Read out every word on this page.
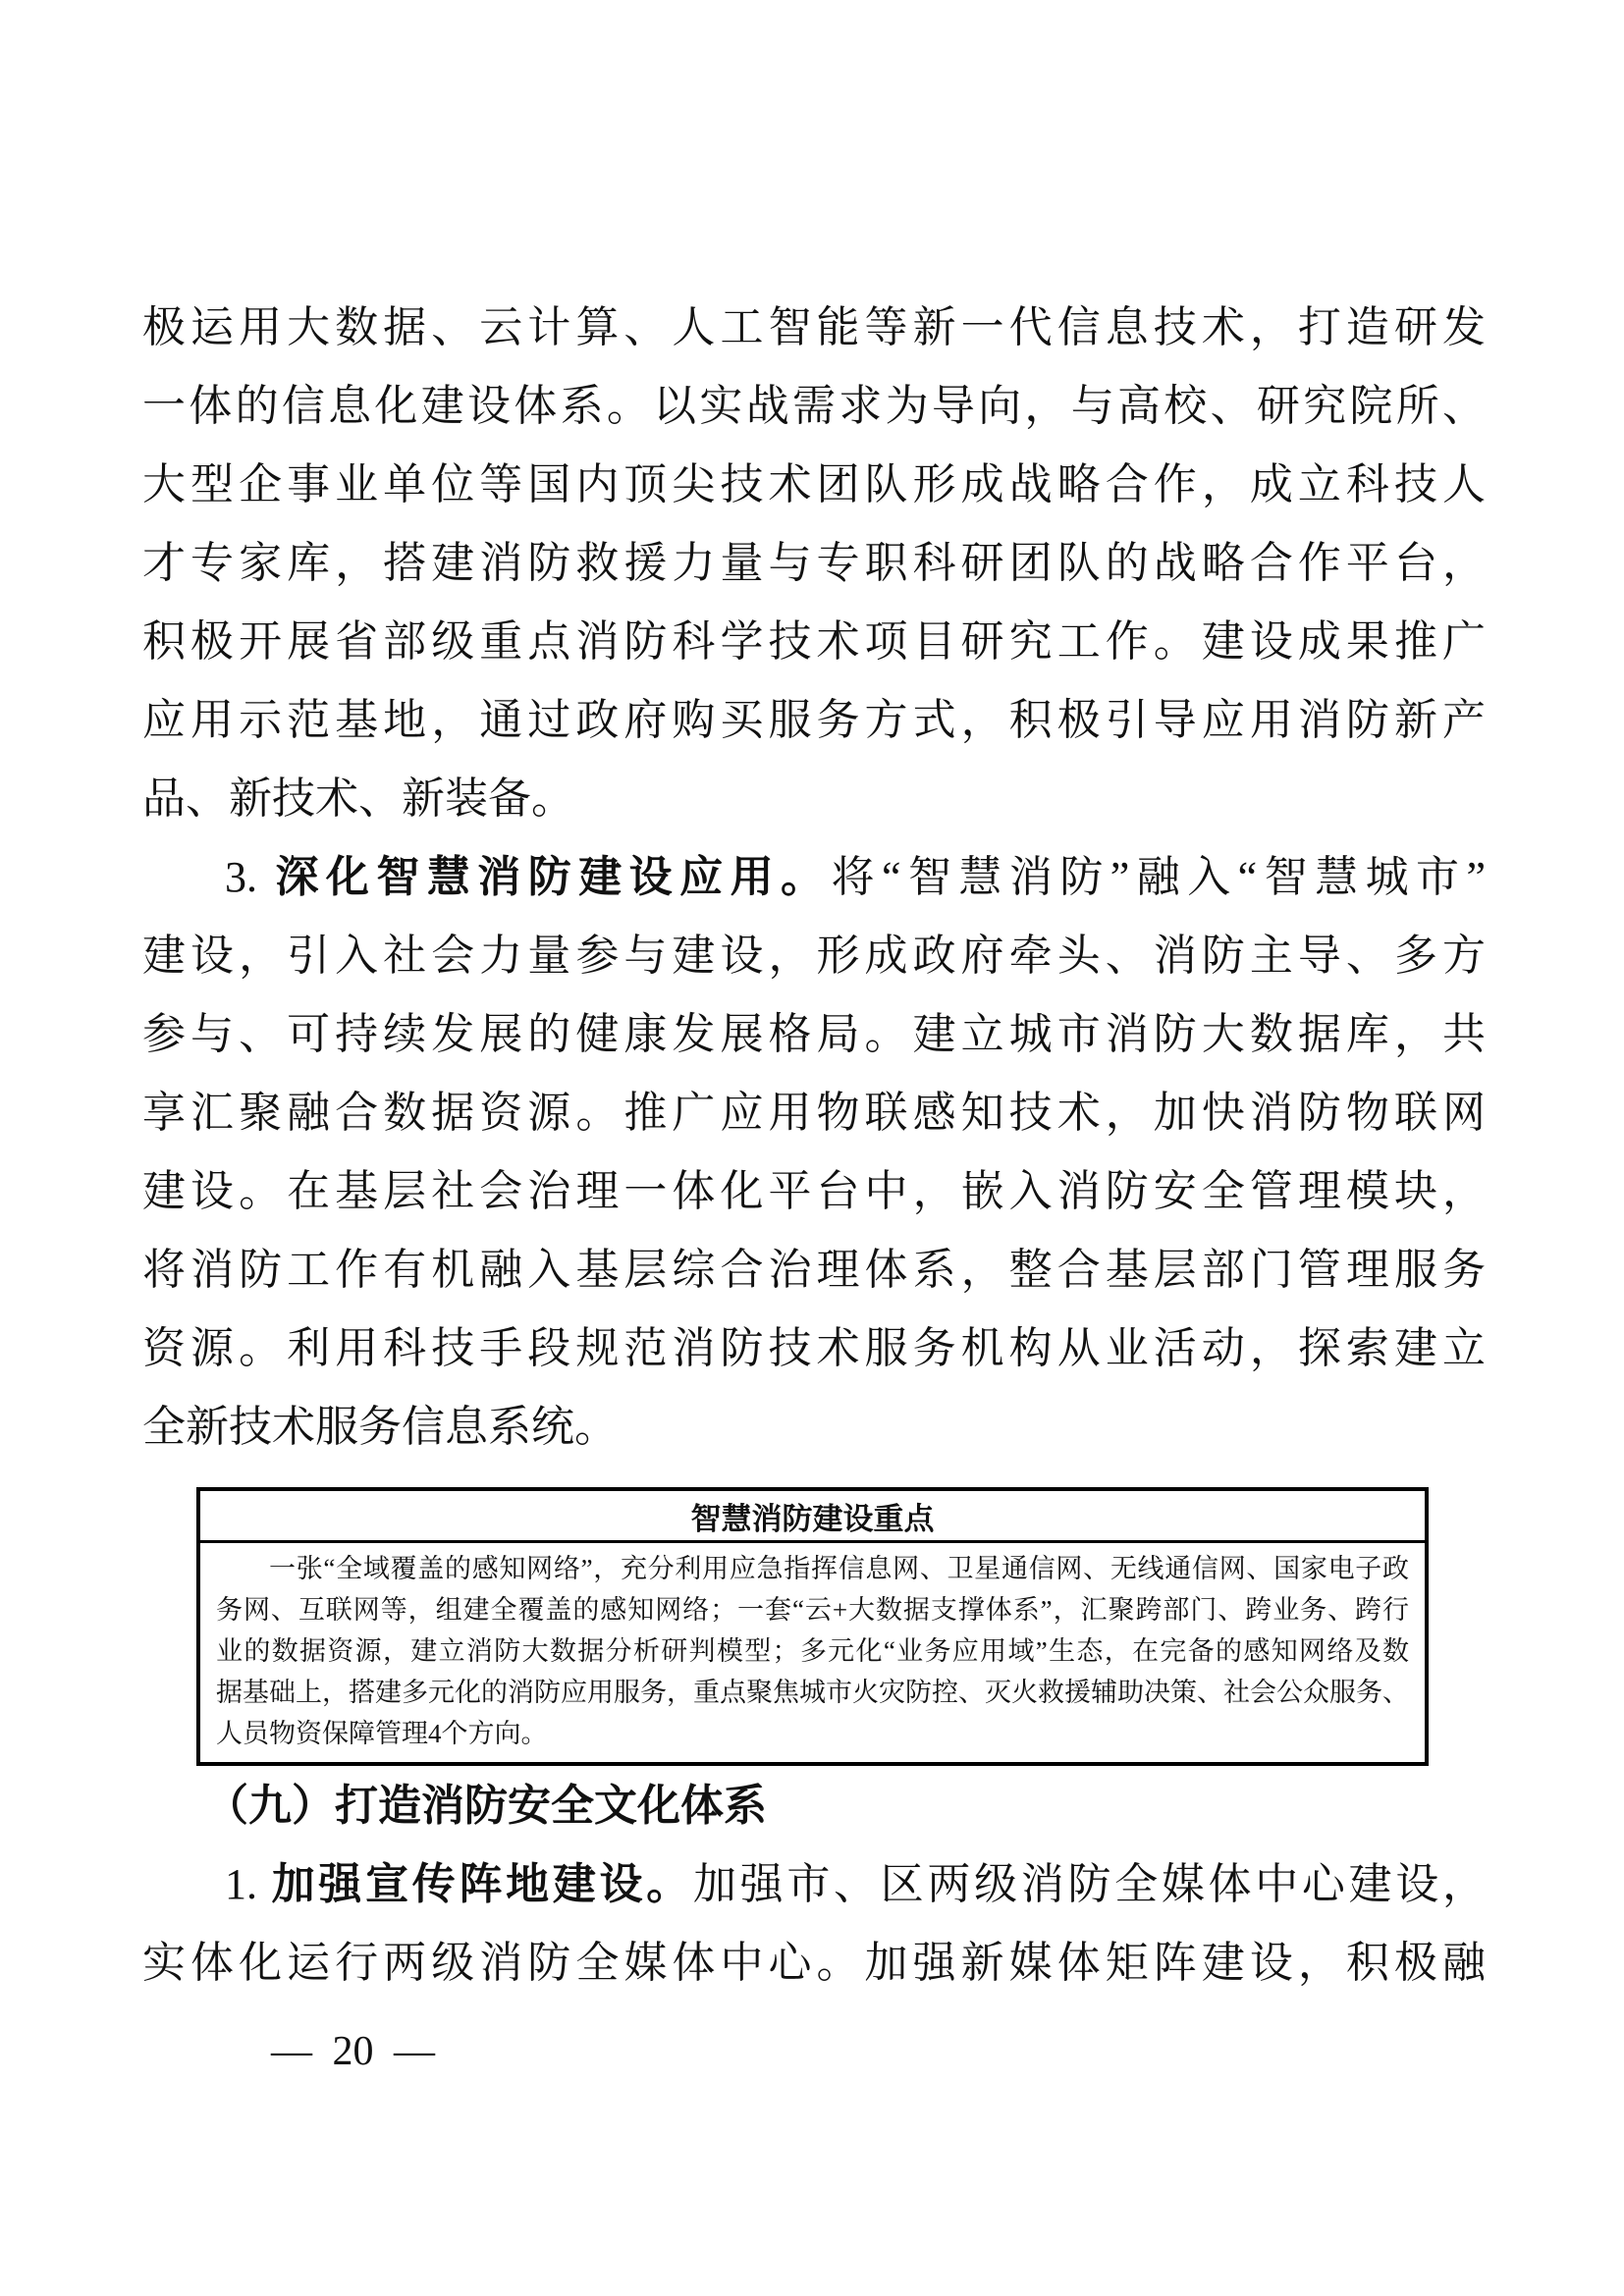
极运用大数据、云计算、人工智能等新一代信息技术，打造研发
一体的信息化建设体系。以实战需求为导向，与高校、研究院所、
大型企事业单位等国内顶尖技术团队形成战略合作，成立科技人
才专家库，搭建消防救援力量与专职科研团队的战略合作平台，
积极开展省部级重点消防科学技术项目研究工作。建设成果推广
应用示范基地，通过政府购买服务方式，积极引导应用消防新产
品、新技术、新装备。
3. 深化智慧消防建设应用。将“智慧消防”融入“智慧城市”
建设，引入社会力量参与建设，形成政府牵头、消防主导、多方
参与、可持续发展的健康发展格局。建立城市消防大数据库，共
享汇聚融合数据资源。推广应用物联感知技术，加快消防物联网
建设。在基层社会治理一体化平台中，嵌入消防安全管理模块，
将消防工作有机融入基层综合治理体系，整合基层部门管理服务
资源。利用科技手段规范消防技术服务机构从业活动，探索建立
全新技术服务信息系统。
智慧消防建设重点
一张“全域覆盖的感知网络”，充分利用应急指挥信息网、卫星通信网、无线通信网、国家电子政
务网、互联网等，组建全覆盖的感知网络；一套“云+大数据支撑体系”，汇聚跨部门、跨业务、跨行
业的数据资源，建立消防大数据分析研判模型；多元化“业务应用域”生态，在完备的感知网络及数
据基础上，搭建多元化的消防应用服务，重点聚焦城市火灾防控、灭火救援辅助决策、社会公众服务、
人员物资保障管理4个方向。
（九）打造消防安全文化体系
1. 加强宣传阵地建设。加强市、区两级消防全媒体中心建设，
实体化运行两级消防全媒体中心。加强新媒体矩阵建设，积极融
— 20 —
